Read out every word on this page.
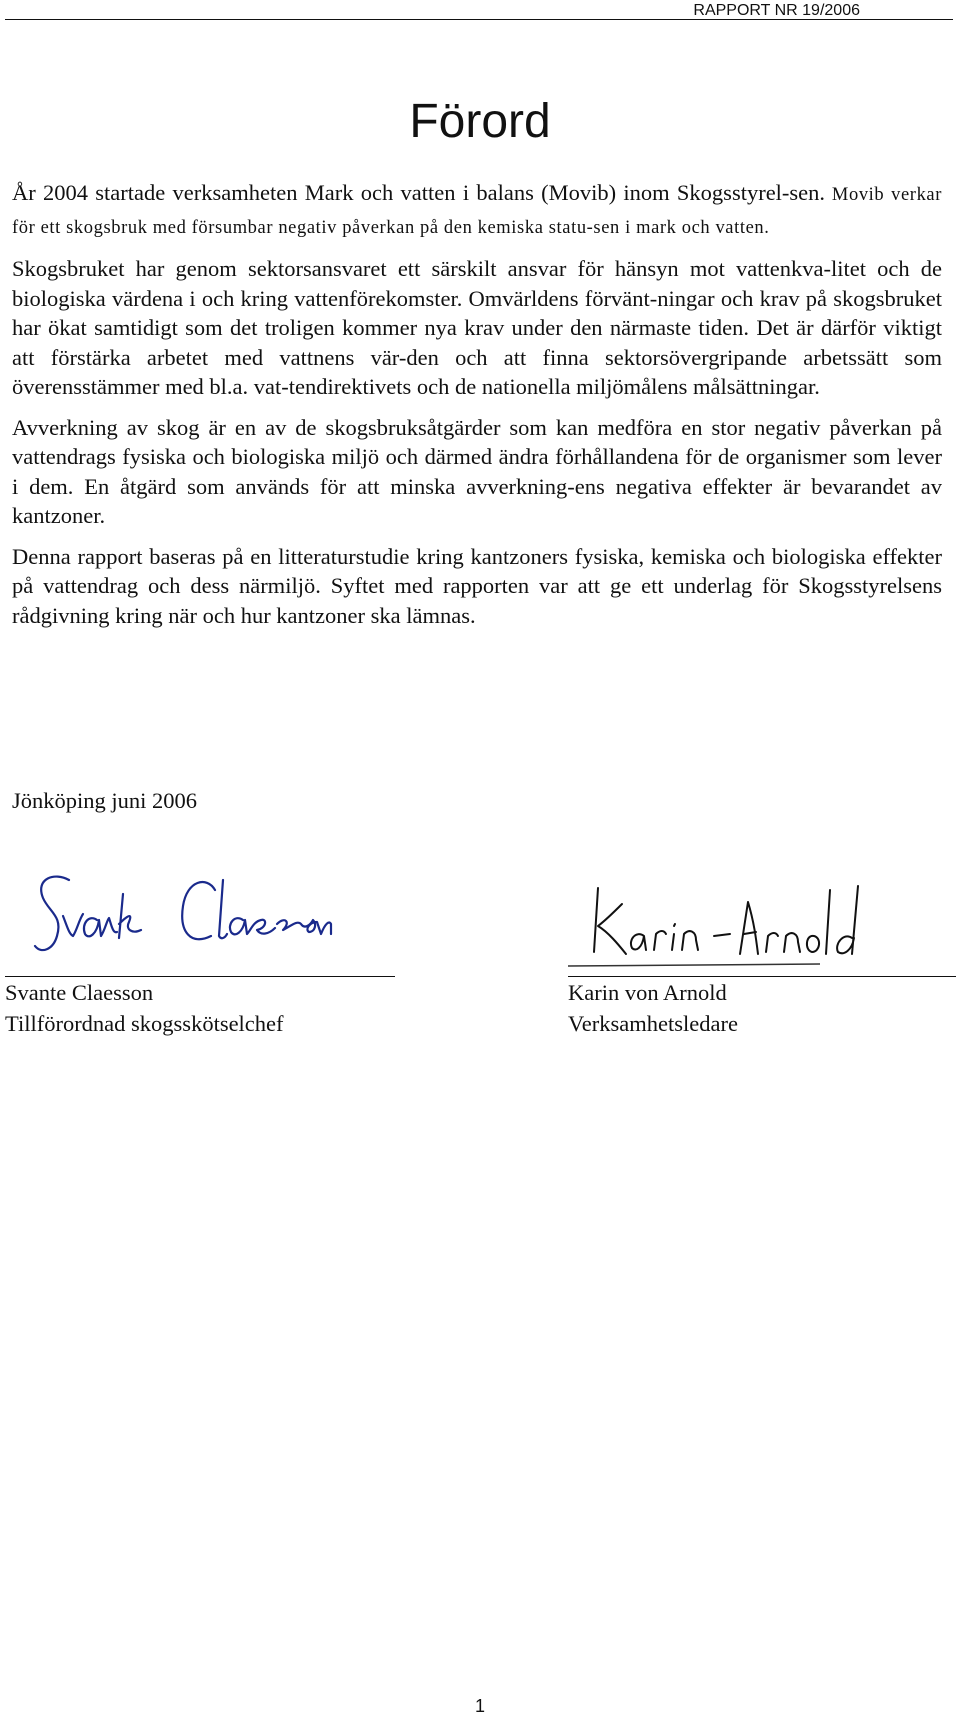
RAPPORT NR 19/2006
Förord

År 2004 startade verksamheten Mark och vatten i balans (Movib) inom Skogsstyrel-sen. Movib verkar för ett skogsbruk med försumbar negativ påverkan på den kemiska statu-sen i mark och vatten.

Skogsbruket har genom sektorsansvaret ett särskilt ansvar för hänsyn mot vattenkva-litet och de biologiska värdena i och kring vattenförekomster. Omvärldens förvänt-ningar och krav på skogsbruket har ökat samtidigt som det troligen kommer nya krav under den närmaste tiden. Det är därför viktigt att förstärka arbetet med vattnens vär-den och att finna sektorsövergripande arbetssätt som överensstämmer med bl.a. vat-tendirektivets och de nationella miljömålens målsättningar.

Avverkning av skog är en av de skogsbruksåtgärder som kan medföra en stor negativ påverkan på vattendrags fysiska och biologiska miljö och därmed ändra förhållandena för de organismer som lever i dem. En åtgärd som används för att minska avverkning-ens negativa effekter är bevarandet av kantzoner.

Denna rapport baseras på en litteraturstudie kring kantzoners fysiska, kemiska och biologiska effekter på vattendrag och dess närmiljö. Syftet med rapporten var att ge ett underlag för Skogsstyrelsens rådgivning kring när och hur kantzoner ska lämnas.

Jönköping juni 2006

Svante Claesson

Tillförordnad skogsskötselchef

Karin von Arnold

Verksamhetsledare

1
